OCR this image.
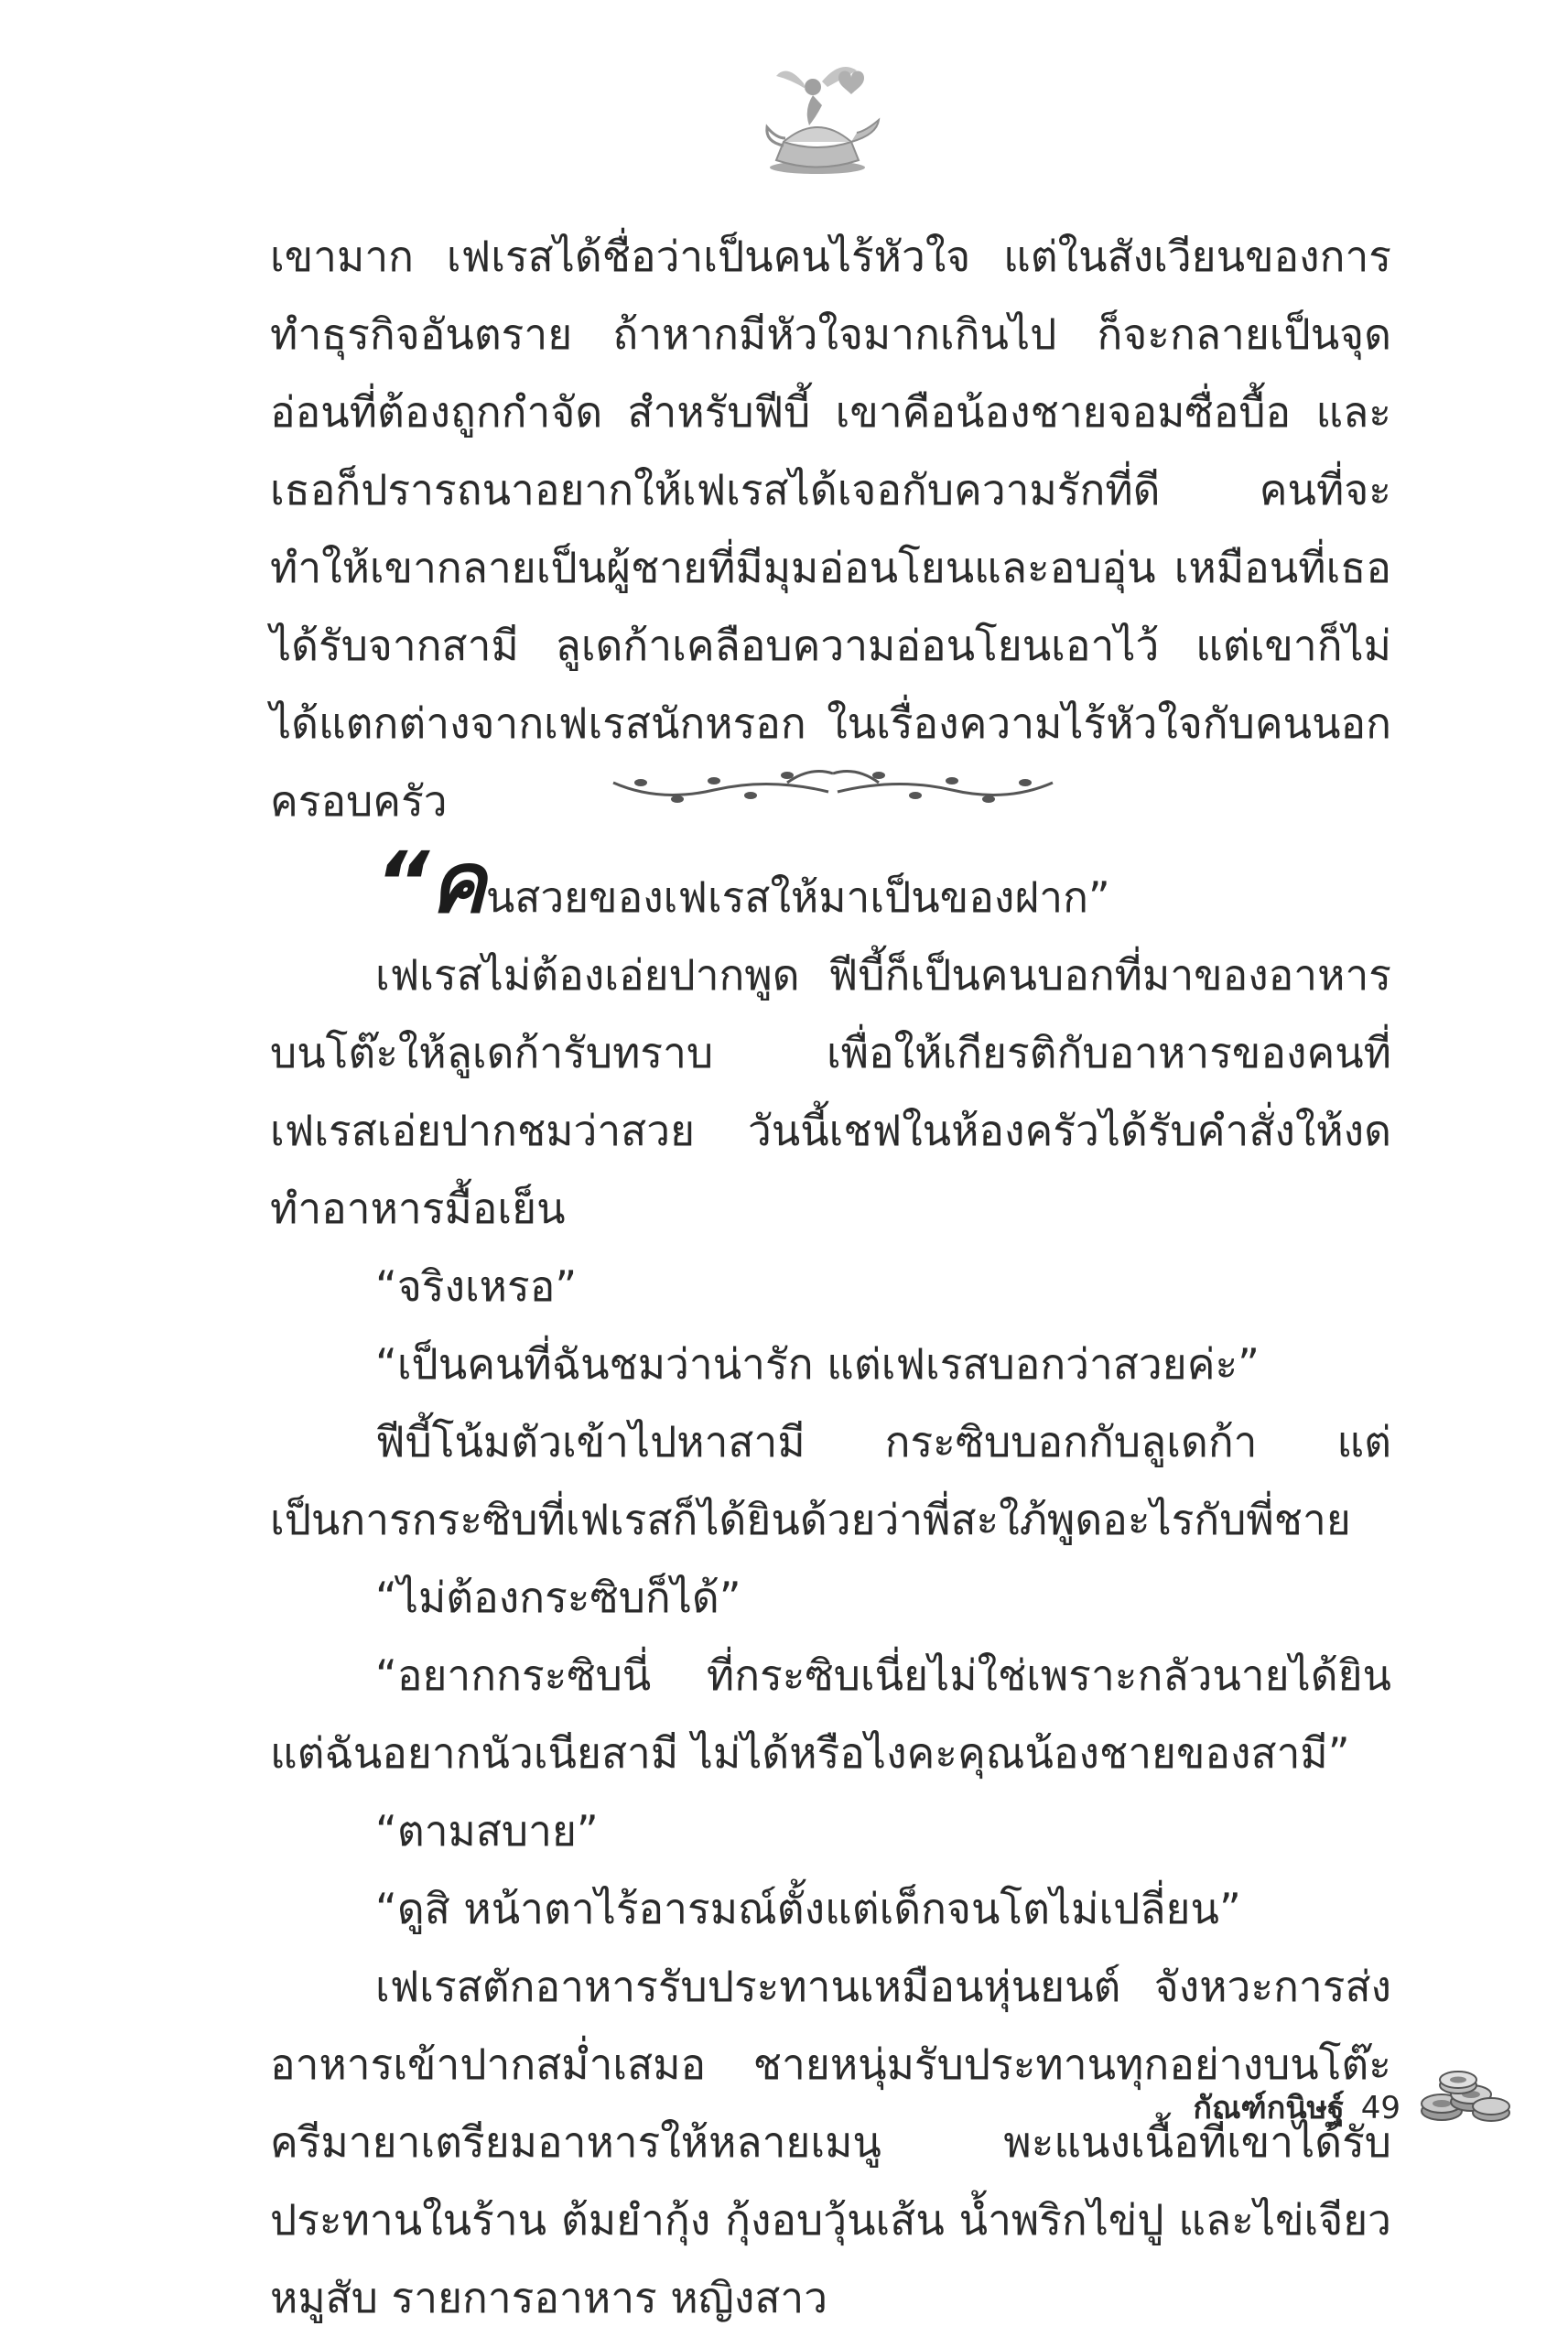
เขามาก เฟเรสได้ชื่อว่าเป็นคนไร้หัวใจ แต่ในสังเวียนของการทำธุรกิจอันตราย ถ้าหากมีหัวใจมากเกินไป ก็จะกลายเป็นจุดอ่อนที่ต้องถูกกำจัด สำหรับฟีบี้ เขาคือน้องชายจอมซื่อบื้อ และเธอก็ปรารถนาอยากให้เฟเรสได้เจอกับความรักที่ดี คนที่จะทำให้เขากลายเป็นผู้ชายที่มีมุมอ่อนโยนและอบอุ่น เหมือนที่เธอได้รับจากสามี ลูเดก้าเคลือบความอ่อนโยนเอาไว้ แต่เขาก็ไม่ได้แตกต่างจากเฟเรสนักหรอก ในเรื่องความไร้หัวใจกับคนนอกครอบครัว

“คนสวยของเฟเรสให้มาเป็นของฝาก”

เฟเรสไม่ต้องเอ่ยปากพูด ฟีบี้ก็เป็นคนบอกที่มาของอาหารบนโต๊ะให้ลูเดก้ารับทราบ เพื่อให้เกียรติกับอาหารของคนที่เฟเรสเอ่ยปากชมว่าสวย วันนี้เชฟในห้องครัวได้รับคำสั่งให้งดทำอาหารมื้อเย็น

“จริงเหรอ”

“เป็นคนที่ฉันชมว่าน่ารัก แต่เฟเรสบอกว่าสวยค่ะ”

ฟีบี้โน้มตัวเข้าไปหาสามี กระซิบบอกกับลูเดก้า แต่เป็นการกระซิบที่เฟเรสก็ได้ยินด้วยว่าพี่สะใภ้พูดอะไรกับพี่ชาย

“ไม่ต้องกระซิบก็ได้”

“อยากกระซิบนี่ ที่กระซิบเนี่ยไม่ใช่เพราะกลัวนายได้ยิน แต่ฉันอยากนัวเนียสามี ไม่ได้หรือไงคะคุณน้องชายของสามี”

“ตามสบาย”

“ดูสิ หน้าตาไร้อารมณ์ตั้งแต่เด็กจนโตไม่เปลี่ยน”

เฟเรสตักอาหารรับประทานเหมือนหุ่นยนต์ จังหวะการส่งอาหารเข้าปากสม่ำเสมอ ชายหนุ่มรับประทานทุกอย่างบนโต๊ะ ครีมายาเตรียมอาหารให้หลายเมนู พะแนงเนื้อที่เขาได้รับประทานในร้าน ต้มยำกุ้ง กุ้งอบวุ้นเส้น น้ำพริกไข่ปู และไข่เจียวหมูสับ รายการอาหาร หญิงสาว

กัณฑ์กนิษฐ์ 49
